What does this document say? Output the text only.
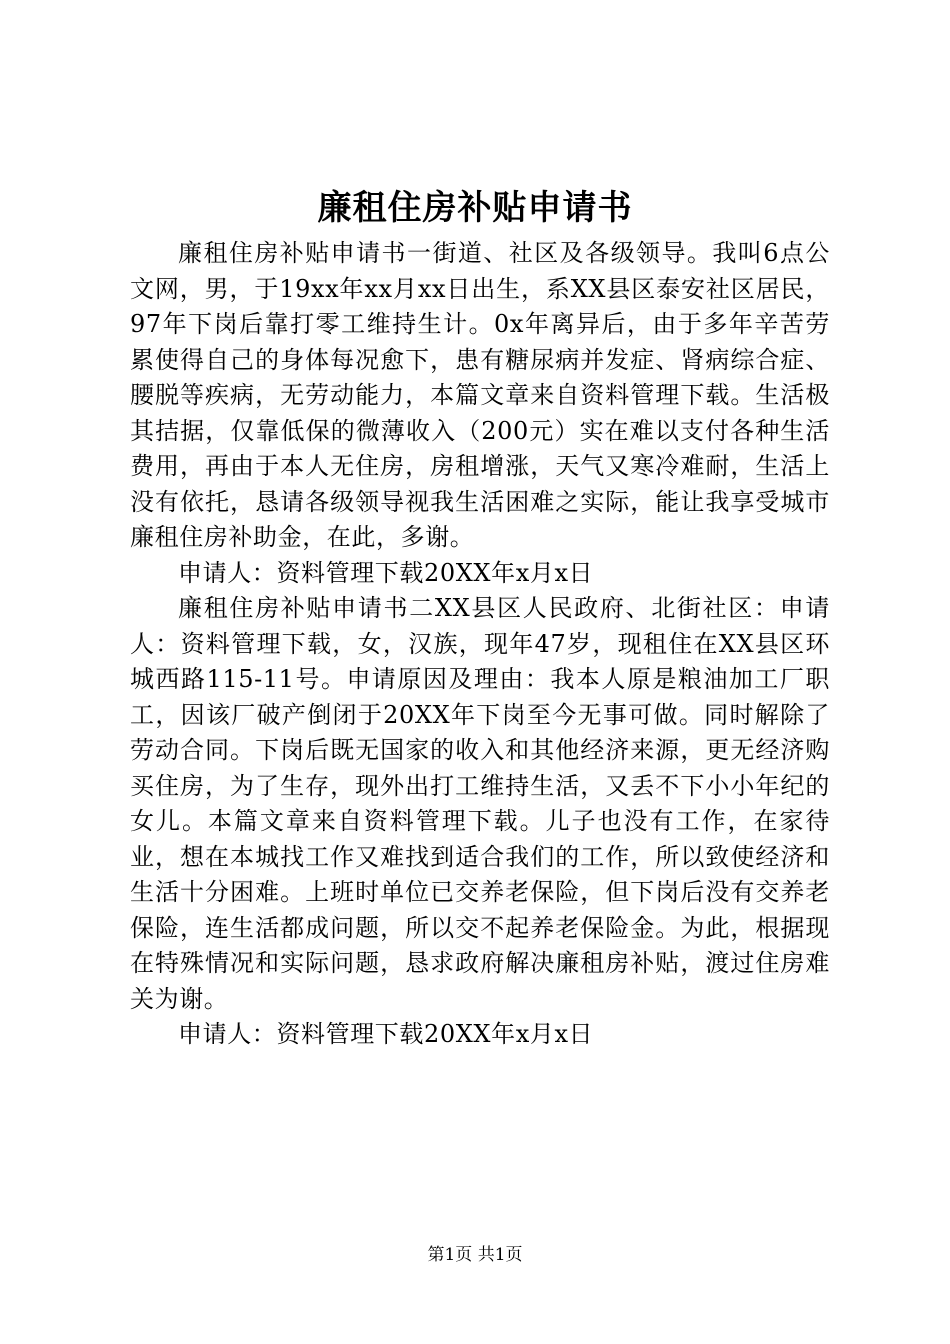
廉租住房补贴申请书

廉租住房补贴申请书一街道、社区及各级领导。我叫6点公文网，男，于19xx年xx月xx日出生，系XX县区泰安社区居民，97年下岗后靠打零工维持生计。0x年离异后，由于多年辛苦劳累使得自己的身体每况愈下，患有糖尿病并发症、肾病综合症、腰脱等疾病，无劳动能力，本篇文章来自资料管理下载。生活极其拮据，仅靠低保的微薄收入（200元）实在难以支付各种生活费用，再由于本人无住房，房租增涨，天气又寒冷难耐，生活上没有依托，恳请各级领导视我生活困难之实际，能让我享受城市廉租住房补助金，在此，多谢。

申请人：资料管理下载20XX年x月x日

廉租住房补贴申请书二XX县区人民政府、北街社区：申请人：资料管理下载，女，汉族，现年47岁，现租住在XX县区环城西路115-11号。申请原因及理由：我本人原是粮油加工厂职工，因该厂破产倒闭于20XX年下岗至今无事可做。同时解除了劳动合同。下岗后既无国家的收入和其他经济来源，更无经济购买住房，为了生存，现外出打工维持生活，又丢不下小小年纪的女儿。本篇文章来自资料管理下载。儿子也没有工作，在家待业，想在本城找工作又难找到适合我们的工作，所以致使经济和生活十分困难。上班时单位已交养老保险，但下岗后没有交养老保险，连生活都成问题，所以交不起养老保险金。为此，根据现在特殊情况和实际问题，恳求政府解决廉租房补贴，渡过住房难关为谢。

申请人：资料管理下载20XX年x月x日

第1页 共1页
